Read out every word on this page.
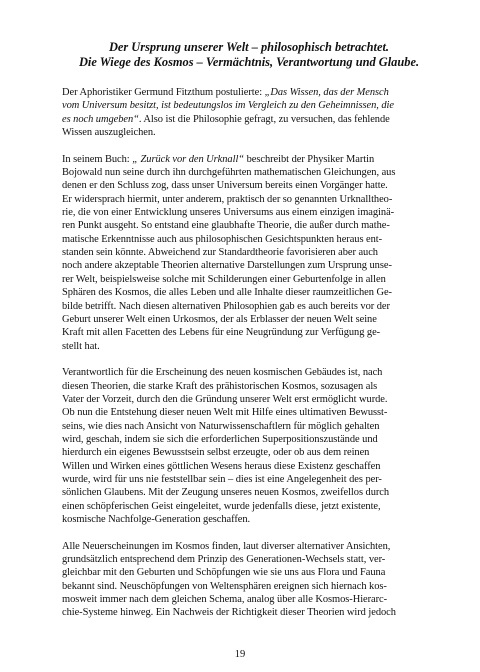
Der Ursprung unserer Welt – philosophisch betrachtet.
Die Wiege des Kosmos – Vermächtnis, Verantwortung und Glaube.
Der Aphoristiker Germund Fitzthum postulierte: „Das Wissen, das der Mensch
vom Universum besitzt, ist bedeutungslos im Vergleich zu den Geheimnissen, die
es noch umgeben“. Also ist die Philosophie gefragt, zu versuchen, das fehlende
Wissen auszugleichen.
In seinem Buch: „ Zurück vor den Urknall“ beschreibt der Physiker Martin
Bojowald nun seine durch ihn durchgeführten mathematischen Gleichungen, aus
denen er den Schluss zog, dass unser Universum bereits einen Vorgänger hatte.
Er widersprach hiermit, unter anderem, praktisch der so genannten Urknalltheo-
rie, die von einer Entwicklung unseres Universums aus einem einzigen imaginä-
ren Punkt ausgeht. So entstand eine glaubhafte Theorie, die außer durch mathe-
matische Erkenntnisse auch aus philosophischen Gesichtspunkten heraus ent-
standen sein könnte. Abweichend zur Standardtheorie favorisieren aber auch
noch andere akzeptable Theorien alternative Darstellungen zum Ursprung unse-
rer Welt, beispielsweise solche mit Schilderungen einer Geburtenfolge in allen
Sphären des Kosmos, die alles Leben und alle Inhalte dieser raumzeitlichen Ge-
bilde betrifft. Nach diesen alternativen Philosophien gab es auch bereits vor der
Geburt unserer Welt einen Urkosmos, der als Erblasser der neuen Welt seine
Kraft mit allen Facetten des Lebens für eine Neugründung zur Verfügung ge-
stellt hat.
Verantwortlich für die Erscheinung des neuen kosmischen Gebäudes ist, nach
diesen Theorien, die starke Kraft des prähistorischen Kosmos, sozusagen als
Vater der Vorzeit, durch den die Gründung unserer Welt erst ermöglicht wurde.
Ob nun die Entstehung dieser neuen Welt mit Hilfe eines ultimativen Bewusst-
seins, wie dies nach Ansicht von Naturwissenschaftlern für möglich gehalten
wird, geschah, indem sie sich die erforderlichen Superpositionszustände und
hierdurch ein eigenes Bewusstsein selbst erzeugte, oder ob aus dem reinen
Willen und Wirken eines göttlichen Wesens heraus diese Existenz geschaffen
wurde, wird für uns nie feststellbar sein – dies ist eine Angelegenheit des per-
sönlichen Glaubens. Mit der Zeugung unseres neuen Kosmos, zweifellos durch
einen schöpferischen Geist eingeleitet, wurde jedenfalls diese, jetzt existente,
kosmische Nachfolge-Generation geschaffen.
Alle Neuerscheinungen im Kosmos finden, laut diverser alternativer Ansichten,
grundsätzlich entsprechend dem Prinzip des Generationen-Wechsels statt, ver-
gleichbar mit den Geburten und Schöpfungen wie sie uns aus Flora und Fauna
bekannt sind. Neuschöpfungen von Weltensphären ereignen sich hiernach kos-
mosweit immer nach dem gleichen Schema, analog über alle Kosmos-Hierarc-
chie-Systeme hinweg. Ein Nachweis der Richtigkeit dieser Theorien wird jedoch
19
